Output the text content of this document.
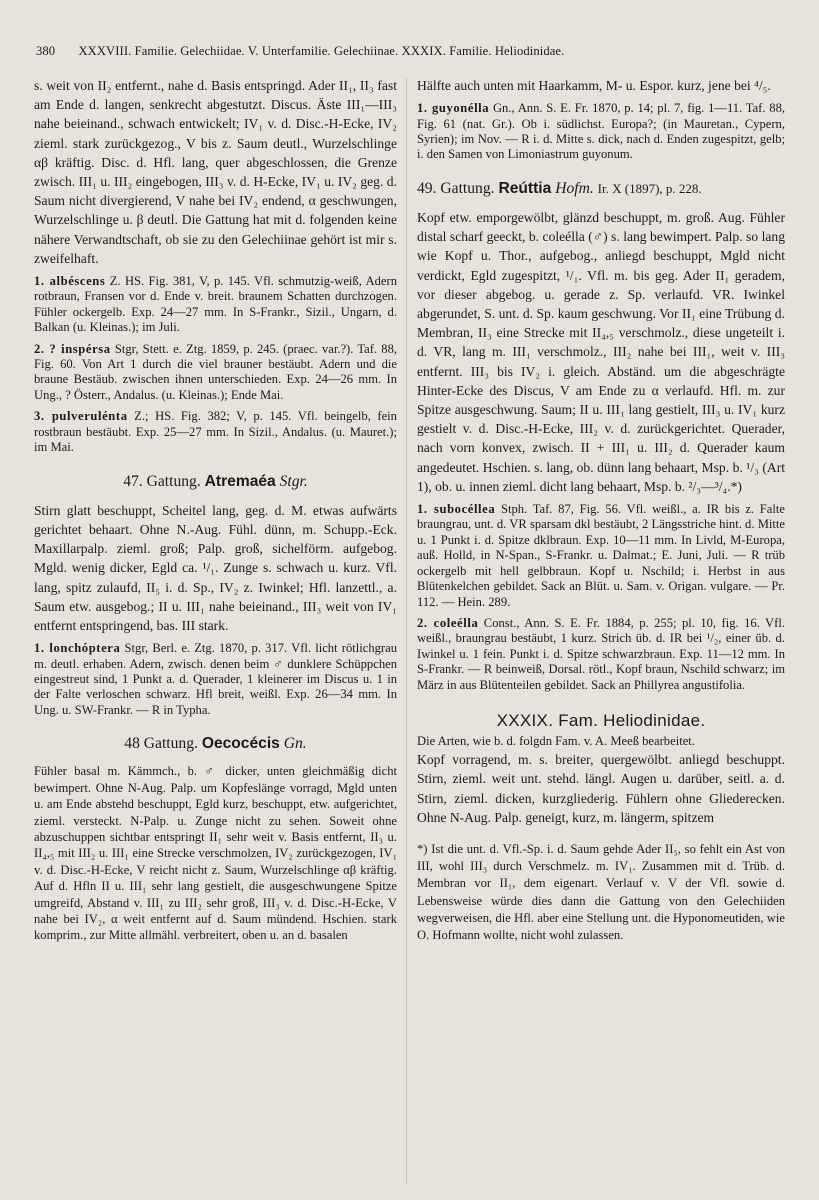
380 XXXVIII. Familie. Gelechiidae. V. Unterfamilie. Gelechiinae. XXXIX. Familie. Heliodinidae.

s. weit von II₂ entfernt., nahe d. Basis entspringd. Ader II₁, II₃ fast am Ende d. langen, senkrecht abgestutzt. Discus. Äste III₁—III₃ nahe beieinand., schwach entwickelt; IV₁ v. d. Disc.-H-Ecke, IV₂ zieml. stark zurückgezog., V bis z. Saum deutl., Wurzelschlinge αβ kräftig. Disc. d. Hfl. lang, quer abgeschlossen, die Grenze zwisch. III₁ u. III₂ eingebogen, III₃ v. d. H-Ecke, IV₁ u. IV₂ geg. d. Saum nicht divergierend, V nahe bei IV₂ endend, α geschwungen, Wurzelschlinge u. β deutl. Die Gattung hat mit d. folgenden keine nähere Verwandtschaft, ob sie zu den Gelechiinae gehört ist mir s. zweifelhaft.

1. albéscens Z. HS. Fig. 381, V, p. 145. Vfl. schmutzig-weiß, Adern rotbraun, Fransen vor d. Ende v. breit. braunem Schatten durchzogen. Fühler ockergelb. Exp. 24—27 mm. In S-Frankr., Sizil., Ungarn, d. Balkan (u. Kleinas.); im Juli.

2. ? inspérsa Stgr, Stett. e. Ztg. 1859, p. 245. (praec. var.?). Taf. 88, Fig. 60. Von Art 1 durch die viel brauner bestäubt. Adern und die braune Bestäub. zwischen ihnen unterschieden. Exp. 24—26 mm. In Ung., ? Österr., Andalus. (u. Kleinas.); Ende Mai.

3. pulverulénta Z.; HS. Fig. 382; V, p. 145. Vfl. beingelb, fein rostbraun bestäubt. Exp. 25—27 mm. In Sizil., Andalus. (u. Mauret.); im Mai.

47. Gattung. Atremaéa Stgr.

Stirn glatt beschuppt, Scheitel lang, geg. d. M. etwas aufwärts gerichtet behaart. Ohne N.-Aug. Fühl. dünn, m. Schupp.-Eck. Maxillarpalp. zieml. groß; Palp. groß, sichelförm. aufgebog. Mgld. wenig dicker, Egld ca. ¹/₁. Zunge s. schwach u. kurz. Vfl. lang, spitz zulaufd, II₅ i. d. Sp., IV₂ z. Iwinkel; Hfl. lanzettl., a. Saum etw. ausgebog.; II u. III₁ nahe beieinand., III₃ weit von IV₁ entfernt entspringend, bas. III stark.

1. lonchóptera Stgr, Berl. e. Ztg. 1870, p. 317. Vfl. licht rötlichgrau m. deutl. erhaben. Adern, zwisch. denen beim ♂ dunklere Schüppchen eingestreut sind, 1 Punkt a. d. Querader, 1 kleinerer im Discus u. 1 in der Falte verloschen schwarz. Hfl breit, weißl. Exp. 26—34 mm. In Ung. u. SW-Frankr. — R in Typha.

48 Gattung. Oecocécis Gn.

Fühler basal m. Kämmch., b. ♂ dicker, unten gleichmäßig dicht bewimpert. Ohne N-Aug. Palp. um Kopfeslänge vorragd, Mgld unten u. am Ende abstehd beschuppt, Egld kurz, beschuppt, etw. aufgerichtet, zieml. versteckt. N-Palp. u. Zunge nicht zu sehen. Soweit ohne abzuschuppen sichtbar entspringt II₁ sehr weit v. Basis entfernt, II₃ u. II₄,₅ mit III₂ u. III₁ eine Strecke verschmolzen, IV₂ zurückgezogen, IV₁ v. d. Disc.-H-Ecke, V reicht nicht z. Saum, Wurzelschlinge αβ kräftig. Auf d. Hfln II u. III₁ sehr lang gestielt, die ausgeschwungene Spitze umgreifd, Abstand v. III₁ zu III₂ sehr groß, III₃ v. d. Disc.-H-Ecke, V nahe bei IV₂, α weit entfernt auf d. Saum mündend. Hschien. stark komprim., zur Mitte allmähl. verbreitert, oben u. an d. basalen

Hälfte auch unten mit Haarkamm, M- u. Espor. kurz, jene bei ⁴/₅.

1. guyonélla Gn., Ann. S. E. Fr. 1870, p. 14; pl. 7, fig. 1—11. Taf. 88, Fig. 61 (nat. Gr.). Ob i. südlichst. Europa?; (in Mauretan., Cypern, Syrien); im Nov. — R i. d. Mitte s. dick, nach d. Enden zugespitzt, gelb; i. den Samen von Limoniastrum guyonum.

49. Gattung. Reúttia Hofm. Ir. X (1897), p. 228.

Kopf etw. emporgewölbt, glänzd beschuppt, m. groß. Aug. Fühler distal scharf geeckt, b. coleélla (♂) s. lang bewimpert. Palp. so lang wie Kopf u. Thor., aufgebog., anliegd beschuppt, Mgld nicht verdickt, Egld zugespitzt, ¹/₁. Vfl. m. bis geg. Ader II₁ geradem, vor dieser abgebog. u. gerade z. Sp. verlaufd. VR. Iwinkel abgerundet, S. unt. d. Sp. kaum geschwung. Vor II₁ eine Trübung d. Membran, II₃ eine Strecke mit II₄,₅ verschmolz., diese ungeteilt i. d. VR, lang m. III₁ verschmolz., III₂ nahe bei III₁, weit v. III₃ entfernt. III₃ bis IV₂ i. gleich. Abständ. um die abgeschrägte Hinter-Ecke des Discus, V am Ende zu α verlaufd. Hfl. m. zur Spitze ausgeschwung. Saum; II u. III₁ lang gestielt, III₃ u. IV₁ kurz gestielt v. d. Disc.-H-Ecke, III₂ v. d. zurückgerichtet. Querader, nach vorn konvex, zwisch. II + III₁ u. III₂ d. Querader kaum angedeutet. Hschien. s. lang, ob. dünn lang behaart, Msp. b. ¹/₃ (Art 1), ob. u. innen zieml. dicht lang behaart, Msp. b. ²/₃—³/₄.*)

1. subocélleа Stph. Taf. 87, Fig. 56. Vfl. weißl., a. IR bis z. Falte braungrau, unt. d. VR sparsam dkl bestäubt, 2 Längsstriche hint. d. Mitte u. 1 Punkt i. d. Spitze dklbraun. Exp. 10—11 mm. In Livld, M-Europa, auß. Holld, in N-Span., S-Frankr. u. Dalmat.; E. Juni, Juli. — R trüb ockergelb mit hell gelbbraun. Kopf u. Nschild; i. Herbst in aus Blütenkelchen gebildet. Sack an Blüt. u. Sam. v. Origan. vulgare. — Pr. 112. — Hein. 289.

2. coleélla Const., Ann. S. E. Fr. 1884, p. 255; pl. 10, fig. 16. Vfl. weißl., braungrau bestäubt, 1 kurz. Strich üb. d. IR bei ¹/₂, einer üb. d. Iwinkel u. 1 fein. Punkt i. d. Spitze schwarzbraun. Exp. 11—12 mm. In S-Frankr. — R beinweiß, Dorsal. rötl., Kopf braun, Nschild schwarz; im März in aus Blütenteilen gebildet. Sack an Phillyrea angustifolia.

XXXIX. Fam. Heliodinidae.

Die Arten, wie b. d. folgdn Fam. v. A. Meeß bearbeitet.

Kopf vorragend, m. s. breiter, quergewölbt. anliegd beschuppt. Stirn, zieml. weit unt. stehd. längl. Augen u. darüber, seitl. a. d. Stirn, zieml. dicken, kurzgliederig. Fühlern ohne Gliederecken. Ohne N-Aug. Palp. geneigt, kurz, m. längerm, spitzem

*) Ist die unt. d. Vfl.-Sp. i. d. Saum gehde Ader II₅, so fehlt ein Ast von III, wohl III₃ durch Verschmelz. m. IV₁. Zusammen mit d. Trüb. d. Membran vor II₁, dem eigenart. Verlauf v. V der Vfl. sowie d. Lebensweise würde dies dann die Gattung von den Gelechiiden wegverweisen, die Hfl. aber eine Stellung unt. die Hyponomeutiden, wie O. Hofmann wollte, nicht wohl zulassen.
